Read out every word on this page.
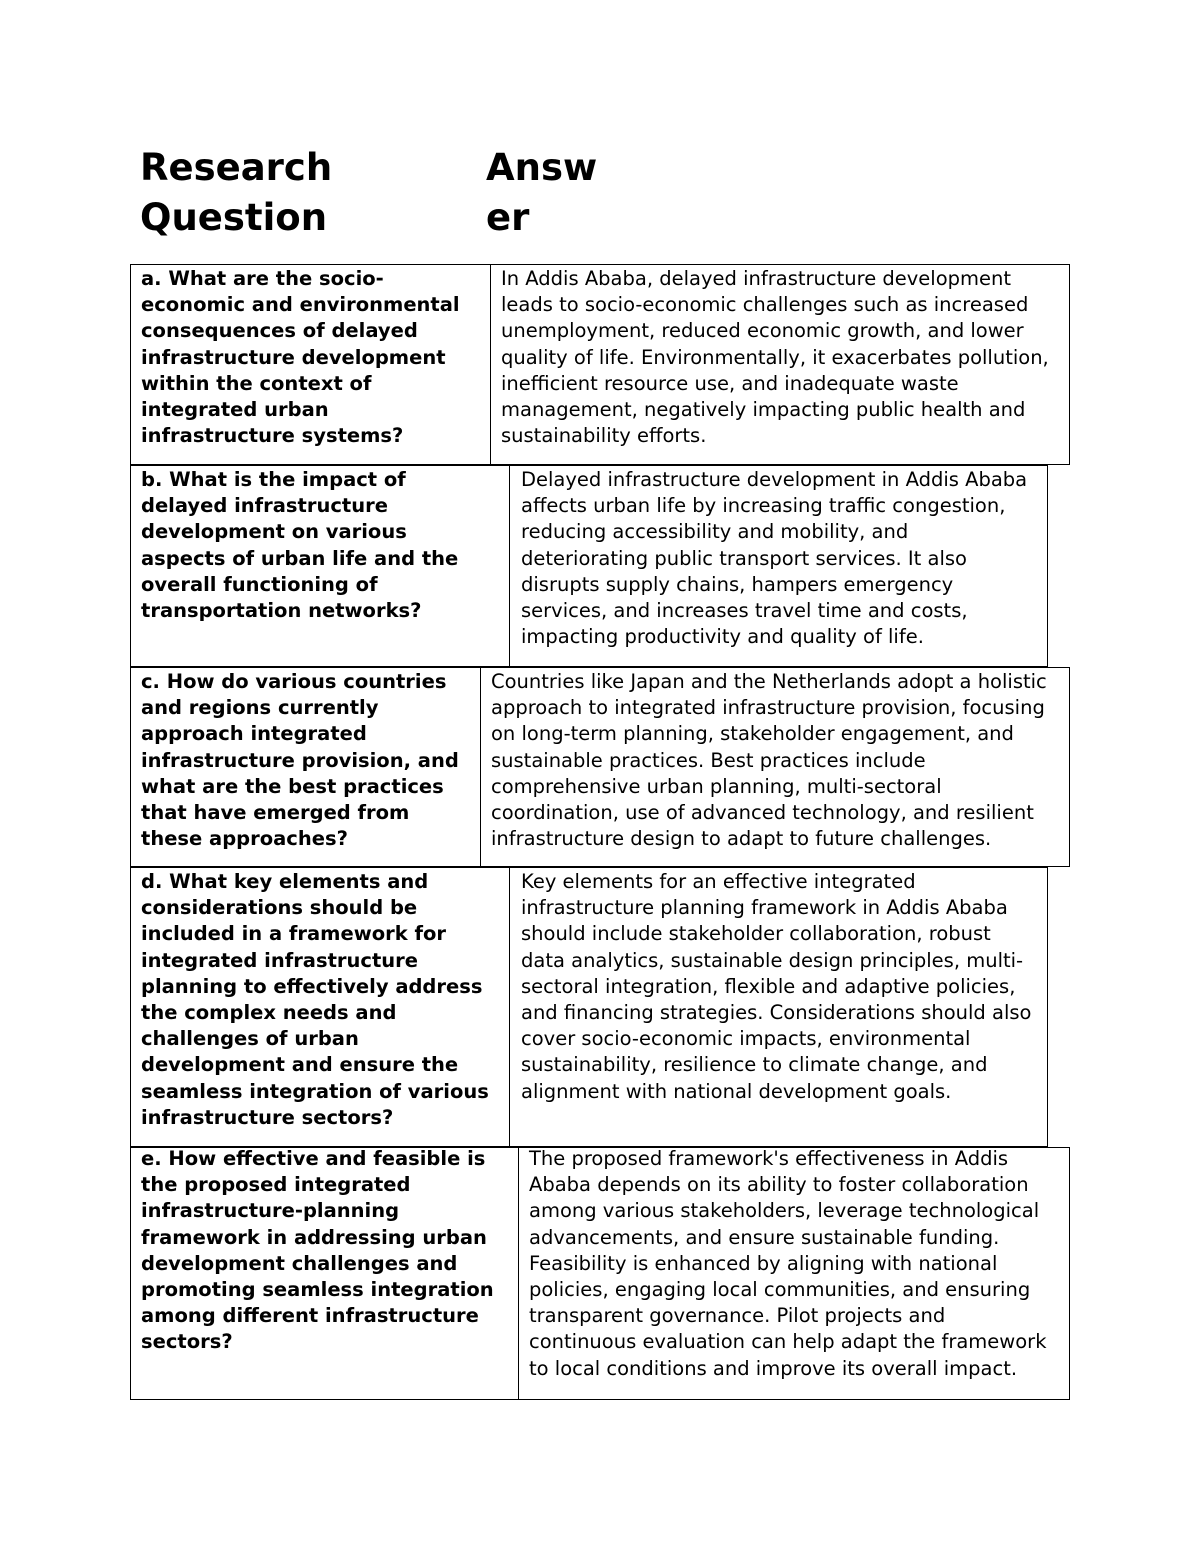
Research Question
Answ er
a. What are the socio-
economic and environmental
consequences of delayed
infrastructure development
within the context of
integrated urban
infrastructure systems?
In Addis Ababa, delayed infrastructure development
leads to socio-economic challenges such as increased
unemployment, reduced economic growth, and lower
quality of life. Environmentally, it exacerbates pollution,
inefficient resource use, and inadequate waste
management, negatively impacting public health and
sustainability efforts.
b. What is the impact of
delayed infrastructure
development on various
aspects of urban life and the
overall functioning of
transportation networks?
Delayed infrastructure development in Addis Ababa
affects urban life by increasing traffic congestion,
reducing accessibility and mobility, and
deteriorating public transport services. It also
disrupts supply chains, hampers emergency
services, and increases travel time and costs,
impacting productivity and quality of life.
c. How do various countries
and regions currently
approach integrated
infrastructure provision, and
what are the best practices
that have emerged from
these approaches?
Countries like Japan and the Netherlands adopt a holistic
approach to integrated infrastructure provision, focusing
on long-term planning, stakeholder engagement, and
sustainable practices. Best practices include
comprehensive urban planning, multi-sectoral
coordination, use of advanced technology, and resilient
infrastructure design to adapt to future challenges.
d. What key elements and
considerations should be
included in a framework for
integrated infrastructure
planning to effectively address
the complex needs and
challenges of urban
development and ensure the
seamless integration of various
infrastructure sectors?
Key elements for an effective integrated
infrastructure planning framework in Addis Ababa
should include stakeholder collaboration, robust
data analytics, sustainable design principles, multi-
sectoral integration, flexible and adaptive policies,
and financing strategies. Considerations should also
cover socio-economic impacts, environmental
sustainability, resilience to climate change, and
alignment with national development goals.
e. How effective and feasible is
the proposed integrated
infrastructure-planning
framework in addressing urban
development challenges and
promoting seamless integration
among different infrastructure
sectors?
The proposed framework's effectiveness in Addis
Ababa depends on its ability to foster collaboration
among various stakeholders, leverage technological
advancements, and ensure sustainable funding.
Feasibility is enhanced by aligning with national
policies, engaging local communities, and ensuring
transparent governance. Pilot projects and
continuous evaluation can help adapt the framework
to local conditions and improve its overall impact.
